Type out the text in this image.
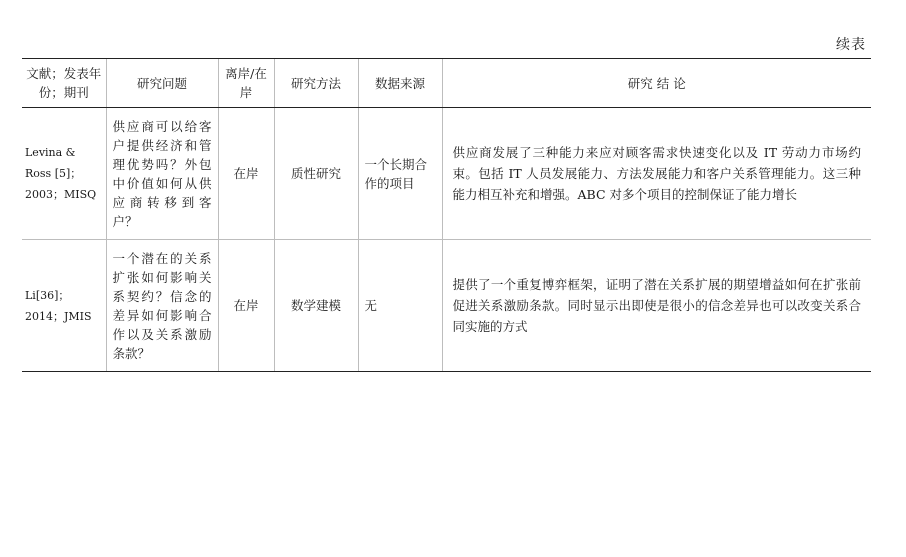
续表
文献；发表年份；期刊	研究问题	离岸/在岸	研究方法	数据来源	研究 结 论
Levina & Ross [5]；2003；MISQ	供应商可以给客户提供经济和管理优势吗？外包中价值如何从供应商转移到客户？	在岸	质性研究	一个长期合作的项目	供应商发展了三种能力来应对顾客需求快速变化以及 IT 劳动力市场约束。包括 IT 人员发展能力、方法发展能力和客户关系管理能力。这三种能力相互补充和增强。ABC 对多个项目的控制保证了能力增长
Li[36]；2014；JMIS	一个潜在的关系扩张如何影响关系契约？信念的差异如何影响合作以及关系激励条款？	在岸	数学建模	无	提供了一个重复博弈框架，证明了潜在关系扩展的期望增益如何在扩张前促进关系激励条款。同时显示出即使是很小的信念差异也可以改变关系合同实施的方式
